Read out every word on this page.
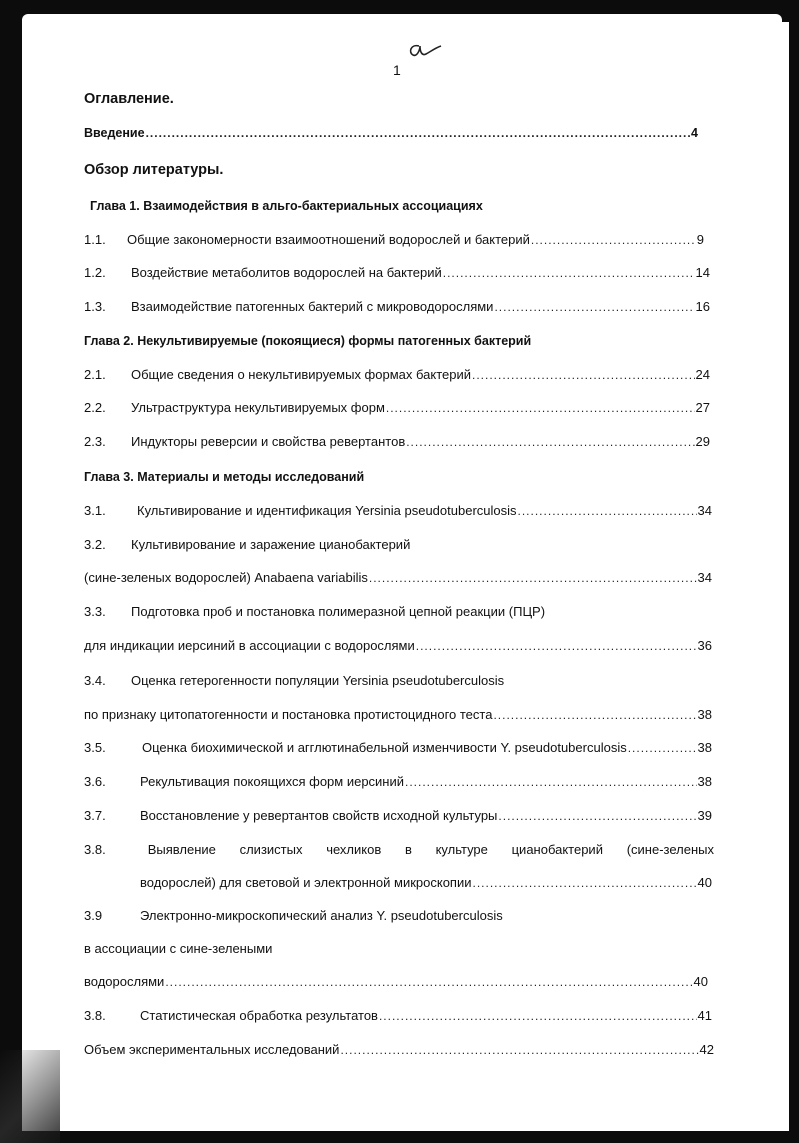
a
1
Оглавление.
Введение .....	4
Обзор литературы.
Глава 1. Взаимодействия в альго-бактериальных ассоциациях
1.1.	Общие закономерности взаимоотношений водорослей и бактерий .....	9
1.2.	Воздействие метаболитов водорослей на бактерий .....	14
1.3.	Взаимодействие патогенных бактерий с микроводорослями .....	16
Глава 2. Некультивируемые (покоящиеся) формы патогенных бактерий
2.1.	Общие сведения о некультивируемых формах бактерий .....	24
2.2.	Ультраструктура некультивируемых форм .....	27
2.3.	Индукторы реверсии и свойства ревертантов .....	29
Глава 3. Материалы и методы исследований
3.1.	Культивирование и идентификация Yersinia pseudotuberculosis .....	34
3.2. Культивирование и заражение цианобактерий
(сине-зеленых водорослей) Anabaena variabilis .....	34
3.3. Подготовка проб и постановка полимеразной цепной реакции (ПЦР)
для индикации иерсиний в ассоциации с водорослями .....	36
3.4. Оценка гетерогенности популяции Yersinia pseudotuberculosis
по признаку цитопатогенности и постановка протистоцидного теста .....	38
3.5.	Оценка биохимической и агглютинабельной изменчивости Y. pseudotuberculosis .....	38
3.6.	Рекультивация покоящихся форм иерсиний .....	38
3.7.	Восстановление у ревертантов свойств исходной культуры .....	39
3.8.	Выявление слизистых чехликов в культуре цианобактерий (сине-зеленых
водорослей) для световой и электронной микроскопии .....	40
3.9	Электронно-микроскопический анализ Y. pseudotuberculosis
в ассоциации с сине-зелеными
водорослями .....	40
3.8.	Статистическая обработка результатов .....	41
Объем экспериментальных исследований .....	42
